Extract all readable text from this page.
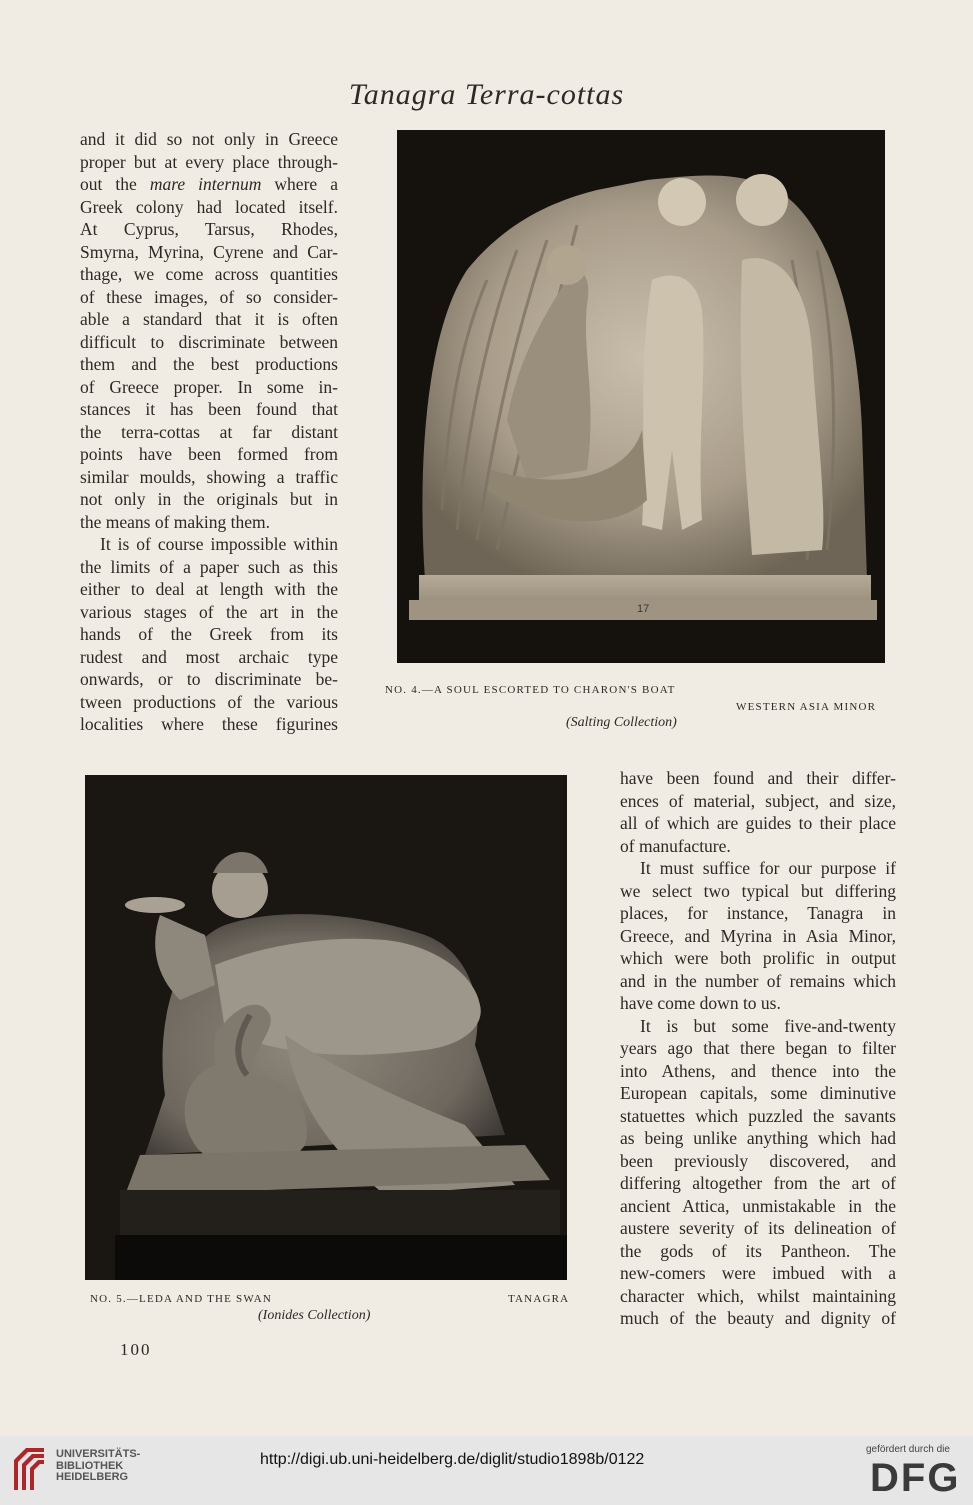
Tanagra Terra-cottas
and it did so not only in Greece
proper but at every place through-
out the mare internum where a
Greek colony had located itself.
At Cyprus, Tarsus, Rhodes,
Smyrna, Myrina, Cyrene and Car-
thage, we come across quantities
of these images, of so consider-
able a standard that it is often
difficult to discriminate between
them and the best productions
of Greece proper. In some in-
stances it has been found that
the terra-cottas at far distant
points have been formed from
similar moulds, showing a traffic
not only in the originals but in
the means of making them.
It is of course impossible within
the limits of a paper such as this
either to deal at length with the
various stages of the art in the
hands of the Greek from its
rudest and most archaic type
onwards, or to discriminate be-
tween productions of the various
localities where these figurines
17
NO. 4.—A SOUL ESCORTED TO CHARON'S BOAT
WESTERN ASIA MINOR
(Salting Collection)
NO. 5.—LEDA AND THE SWAN	TANAGRA
(Ionides Collection)
have been found and their differ-
ences of material, subject, and size,
all of which are guides to their place
of manufacture.
It must suffice for our purpose if
we select two typical but differing
places, for instance, Tanagra in
Greece, and Myrina in Asia Minor,
which were both prolific in output
and in the number of remains which
have come down to us.
It is but some five-and-twenty
years ago that there began to filter
into Athens, and thence into the
European capitals, some diminutive
statuettes which puzzled the savants
as being unlike anything which had
been previously discovered, and
differing altogether from the art of
ancient Attica, unmistakable in the
austere severity of its delineation of
the gods of its Pantheon. The
new-comers were imbued with a
character which, whilst maintaining
much of the beauty and dignity of
100
UNIVERSITÄTS-
BIBLIOTHEK
HEIDELBERG
http://digi.ub.uni-heidelberg.de/diglit/studio1898b/0122
gefördert durch die
DFG
